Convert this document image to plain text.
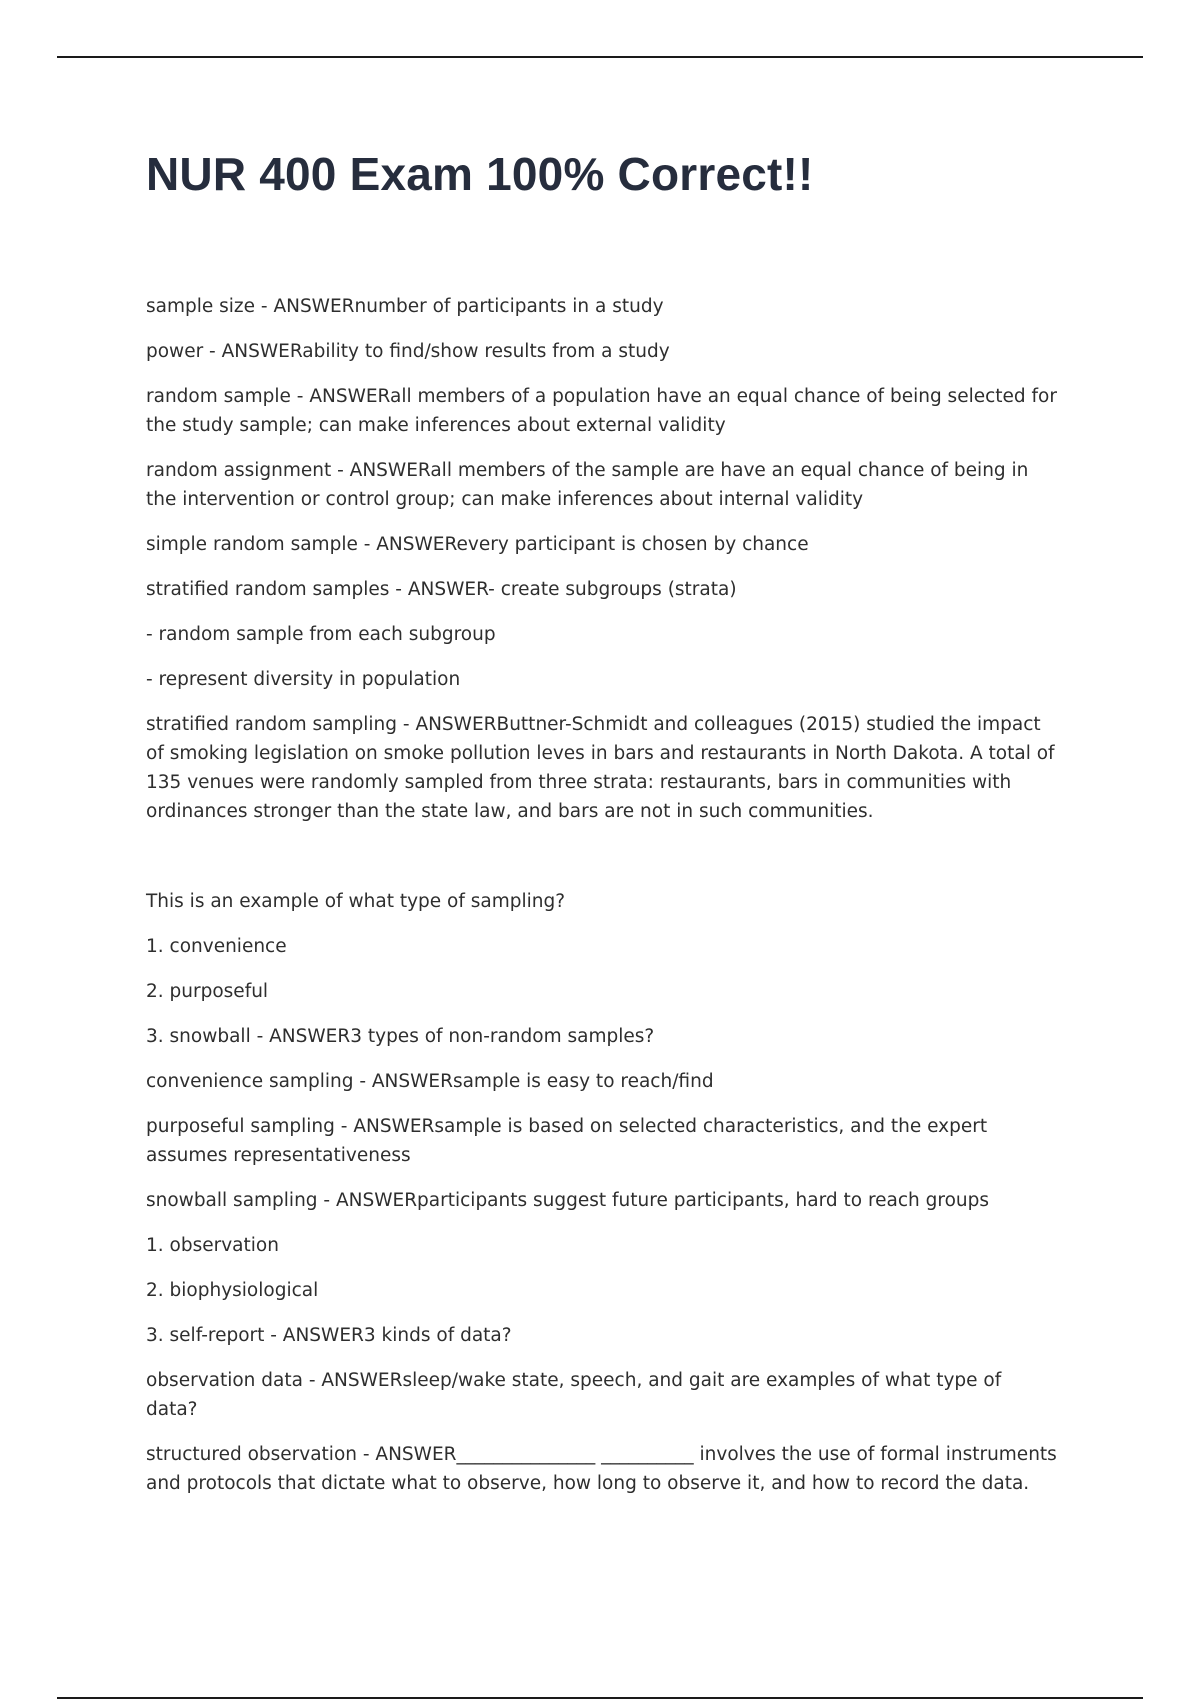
NUR 400 Exam 100% Correct!!

sample size - ANSWERnumber of participants in a study

power - ANSWERability to find/show results from a study

random sample - ANSWERall members of a population have an equal chance of being selected for the study sample; can make inferences about external validity

random assignment - ANSWERall members of the sample are have an equal chance of being in the intervention or control group; can make inferences about internal validity

simple random sample - ANSWERevery participant is chosen by chance

stratified random samples - ANSWER- create subgroups (strata)

- random sample from each subgroup

- represent diversity in population

stratified random sampling - ANSWERButtner-Schmidt and colleagues (2015) studied the impact of smoking legislation on smoke pollution leves in bars and restaurants in North Dakota. A total of 135 venues were randomly sampled from three strata: restaurants, bars in communities with ordinances stronger than the state law, and bars are not in such communities.

This is an example of what type of sampling?

1. convenience

2. purposeful

3. snowball - ANSWER3 types of non-random samples?

convenience sampling - ANSWERsample is easy to reach/find

purposeful sampling - ANSWERsample is based on selected characteristics, and the expert assumes representativeness

snowball sampling - ANSWERparticipants suggest future participants, hard to reach groups

1. observation

2. biophysiological

3. self-report - ANSWER3 kinds of data?

observation data - ANSWERsleep/wake state, speech, and gait are examples of what type of data?

structured observation - ANSWER_______________ __________ involves the use of formal instruments and protocols that dictate what to observe, how long to observe it, and how to record the data.
